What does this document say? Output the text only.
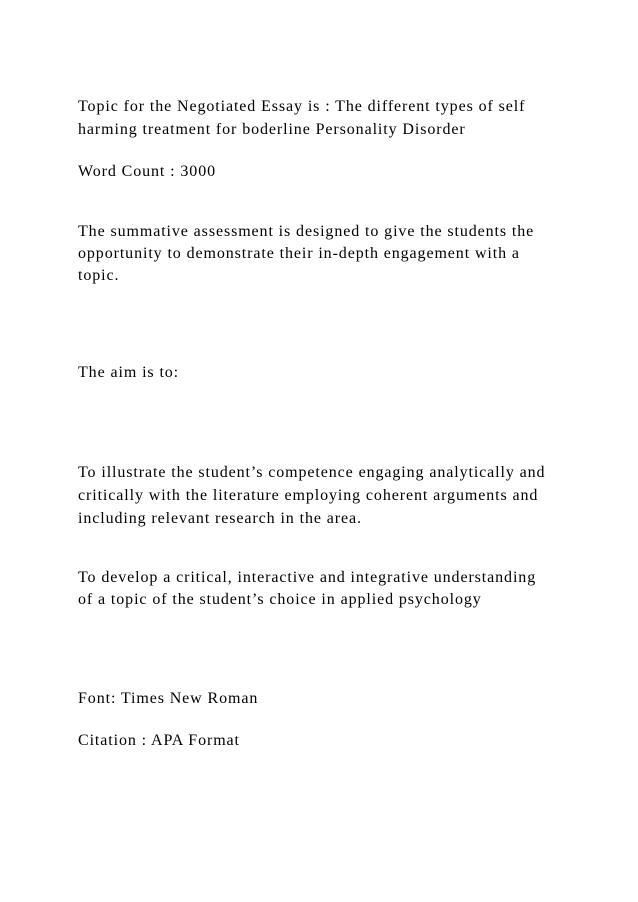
Topic for the Negotiated Essay is : The different types of self

harming treatment for boderline Personality Disorder

Word Count : 3000

The summative assessment is designed to give the students the

opportunity to demonstrate their in-depth engagement with a

topic.

The aim is to:

To illustrate the student’s competence engaging analytically and

critically with the literature employing coherent arguments and

including relevant research in the area.

To develop a critical, interactive and integrative understanding

of a topic of the student’s choice in applied psychology

Font: Times New Roman

Citation : APA Format
